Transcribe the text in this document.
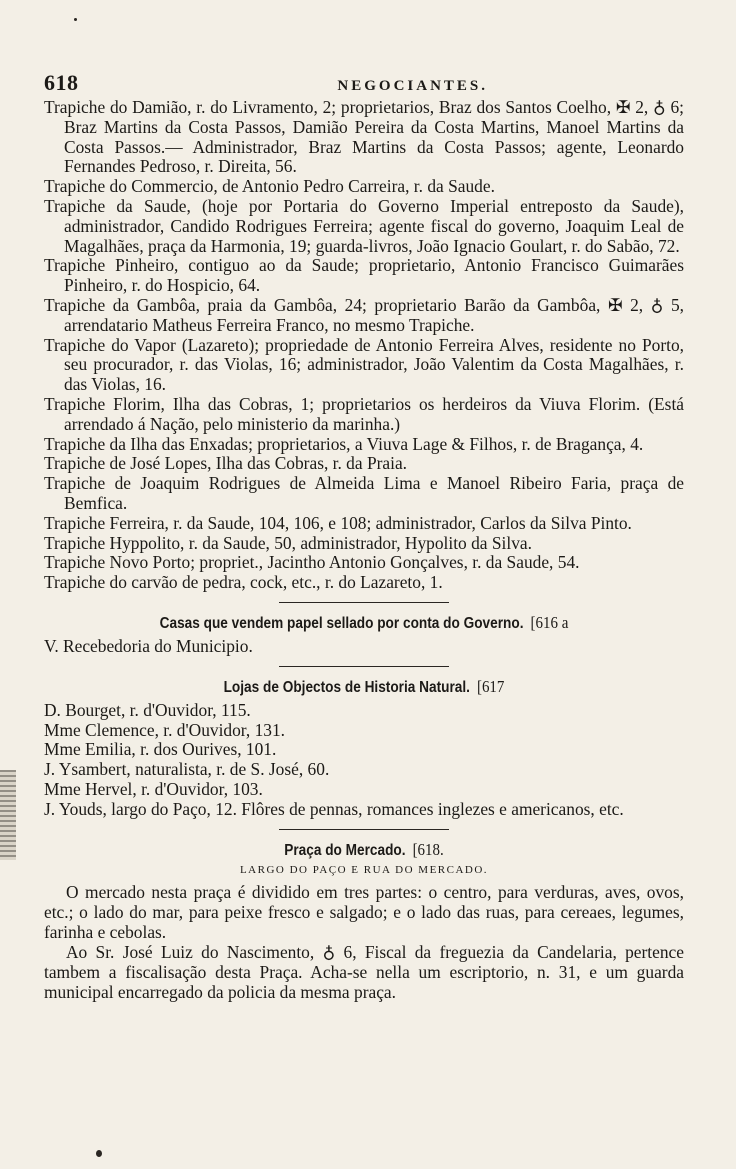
618	NEGOCIANTES.

Trapiche do Damião, r. do Livramento, 2; proprietarios, Braz dos Santos Coelho, ✠ 2, ♁ 6; Braz Martins da Costa Passos, Damião Pereira da Costa Martins, Manoel Martins da Costa Passos.— Administrador, Braz Martins da Costa Passos; agente, Leonardo Fernandes Pedroso, r. Direita, 56.

Trapiche do Commercio, de Antonio Pedro Carreira, r. da Saude.

Trapiche da Saude, (hoje por Portaria do Governo Imperial entreposto da Saude), administrador, Candido Rodrigues Ferreira; agente fiscal do governo, Joaquim Leal de Magalhães, praça da Harmonia, 19; guarda-livros, João Ignacio Goulart, r. do Sabão, 72.

Trapiche Pinheiro, contiguo ao da Saude; proprietario, Antonio Francisco Guimarães Pinheiro, r. do Hospicio, 64.

Trapiche da Gambôa, praia da Gambôa, 24; proprietario Barão da Gambôa, ✠ 2, ♁ 5, arrendatario Matheus Ferreira Franco, no mesmo Trapiche.

Trapiche do Vapor (Lazareto); propriedade de Antonio Ferreira Alves, residente no Porto, seu procurador, r. das Violas, 16; administrador, João Valentim da Costa Magalhães, r. das Violas, 16.

Trapiche Florim, Ilha das Cobras, 1; proprietarios os herdeiros da Viuva Florim. (Está arrendado á Nação, pelo ministerio da marinha.)

Trapiche da Ilha das Enxadas; proprietarios, a Viuva Lage & Filhos, r. de Bragança, 4.

Trapiche de José Lopes, Ilha das Cobras, r. da Praia.

Trapiche de Joaquim Rodrigues de Almeida Lima e Manoel Ribeiro Faria, praça de Bemfica.

Trapiche Ferreira, r. da Saude, 104, 106, e 108; administrador, Carlos da Silva Pinto.

Trapiche Hyppolito, r. da Saude, 50, administrador, Hypolito da Silva.

Trapiche Novo Porto; propriet., Jacintho Antonio Gonçalves, r. da Saude, 54.

Trapiche do carvão de pedra, cock, etc., r. do Lazareto, 1.

Casas que vendem papel sellado por conta do Governo. [616 a

V. Recebedoria do Municipio.

Lojas de Objectos de Historia Natural. [617

D. Bourget, r. d'Ouvidor, 115.

Mme Clemence, r. d'Ouvidor, 131.

Mme Emilia, r. dos Ourives, 101.

J. Ysambert, naturalista, r. de S. José, 60.

Mme Hervel, r. d'Ouvidor, 103.

J. Youds, largo do Paço, 12. Flôres de pennas, romances inglezes e americanos, etc.

Praça do Mercado. [618.
LARGO DO PAÇO E RUA DO MERCADO.

O mercado nesta praça é dividido em tres partes: o centro, para verduras, aves, ovos, etc.; o lado do mar, para peixe fresco e salgado; e o lado das ruas, para cereaes, legumes, farinha e cebolas.

Ao Sr. José Luiz do Nascimento, ♁ 6, Fiscal da freguezia da Candelaria, pertence tambem a fiscalisação desta Praça. Acha-se nella um escriptorio, n. 31, e um guarda municipal encarregado da policia da mesma praça.
